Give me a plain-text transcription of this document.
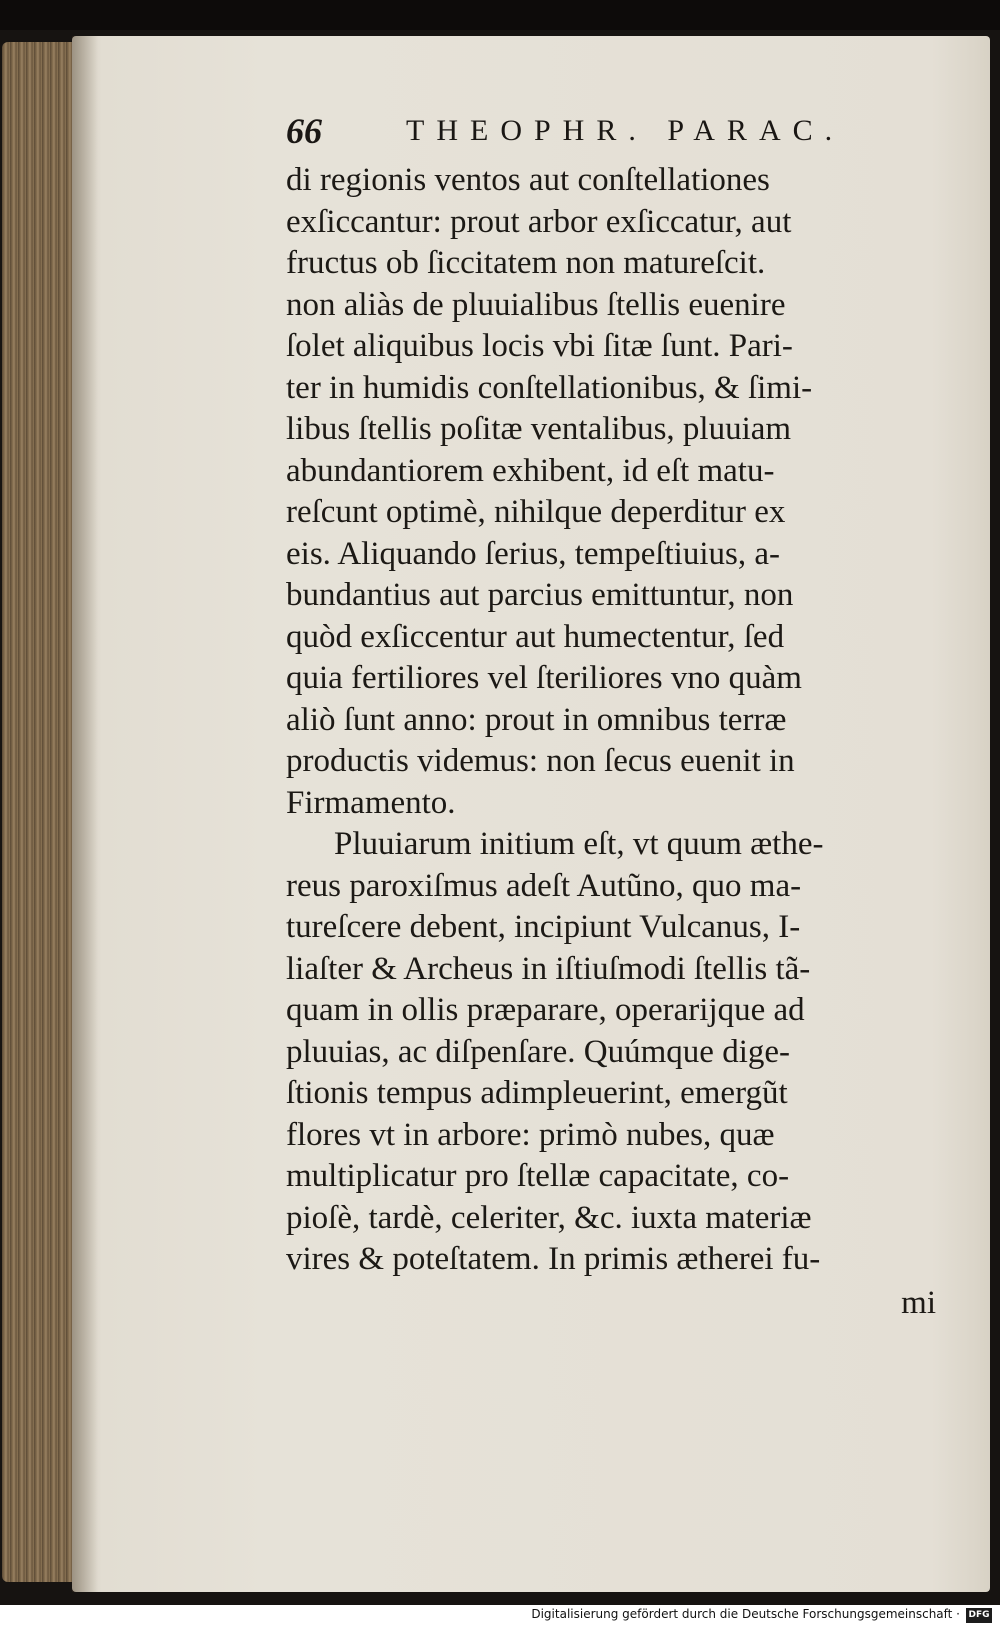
66	THEOPHR. PARAC.
di regionis ventos aut conſtellationes
exſiccantur: prout arbor exſiccatur, aut
fructus ob ſiccitatem non matureſcit.
non aliàs de pluuialibus ſtellis euenire
ſolet aliquibus locis vbi ſitæ ſunt. Pari-
ter in humidis conſtellationibus, & ſimi-
libus ſtellis poſitæ ventalibus, pluuiam
abundantiorem exhibent, id eſt matu-
reſcunt optimè, nihilque deperditur ex
eis. Aliquando ſerius, tempeſtiuius, a-
bundantius aut parcius emittuntur, non
quòd exſiccentur aut humectentur, ſed
quia fertiliores vel ſteriliores vno quàm
aliò ſunt anno: prout in omnibus terræ
productis videmus: non ſecus euenit in
Firmamento.
Pluuiarum initium eſt, vt quum æthe-
reus paroxiſmus adeſt Autũno, quo ma-
tureſcere debent, incipiunt Vulcanus, I-
liaſter & Archeus in iſtiuſmodi ſtellis tã-
quam in ollis præparare, operarijque ad
pluuias, ac diſpenſare. Quúmque dige-
ſtionis tempus adimpleuerint, emergũt
flores vt in arbore: primò nubes, quæ
multiplicatur pro ſtellæ capacitate, co-
pioſè, tardè, celeriter, &c. iuxta materiæ
vires & poteſtatem. In primis ætherei fu-
mi
Digitalisierung gefördert durch die Deutsche Forschungsgemeinschaft · DFG
